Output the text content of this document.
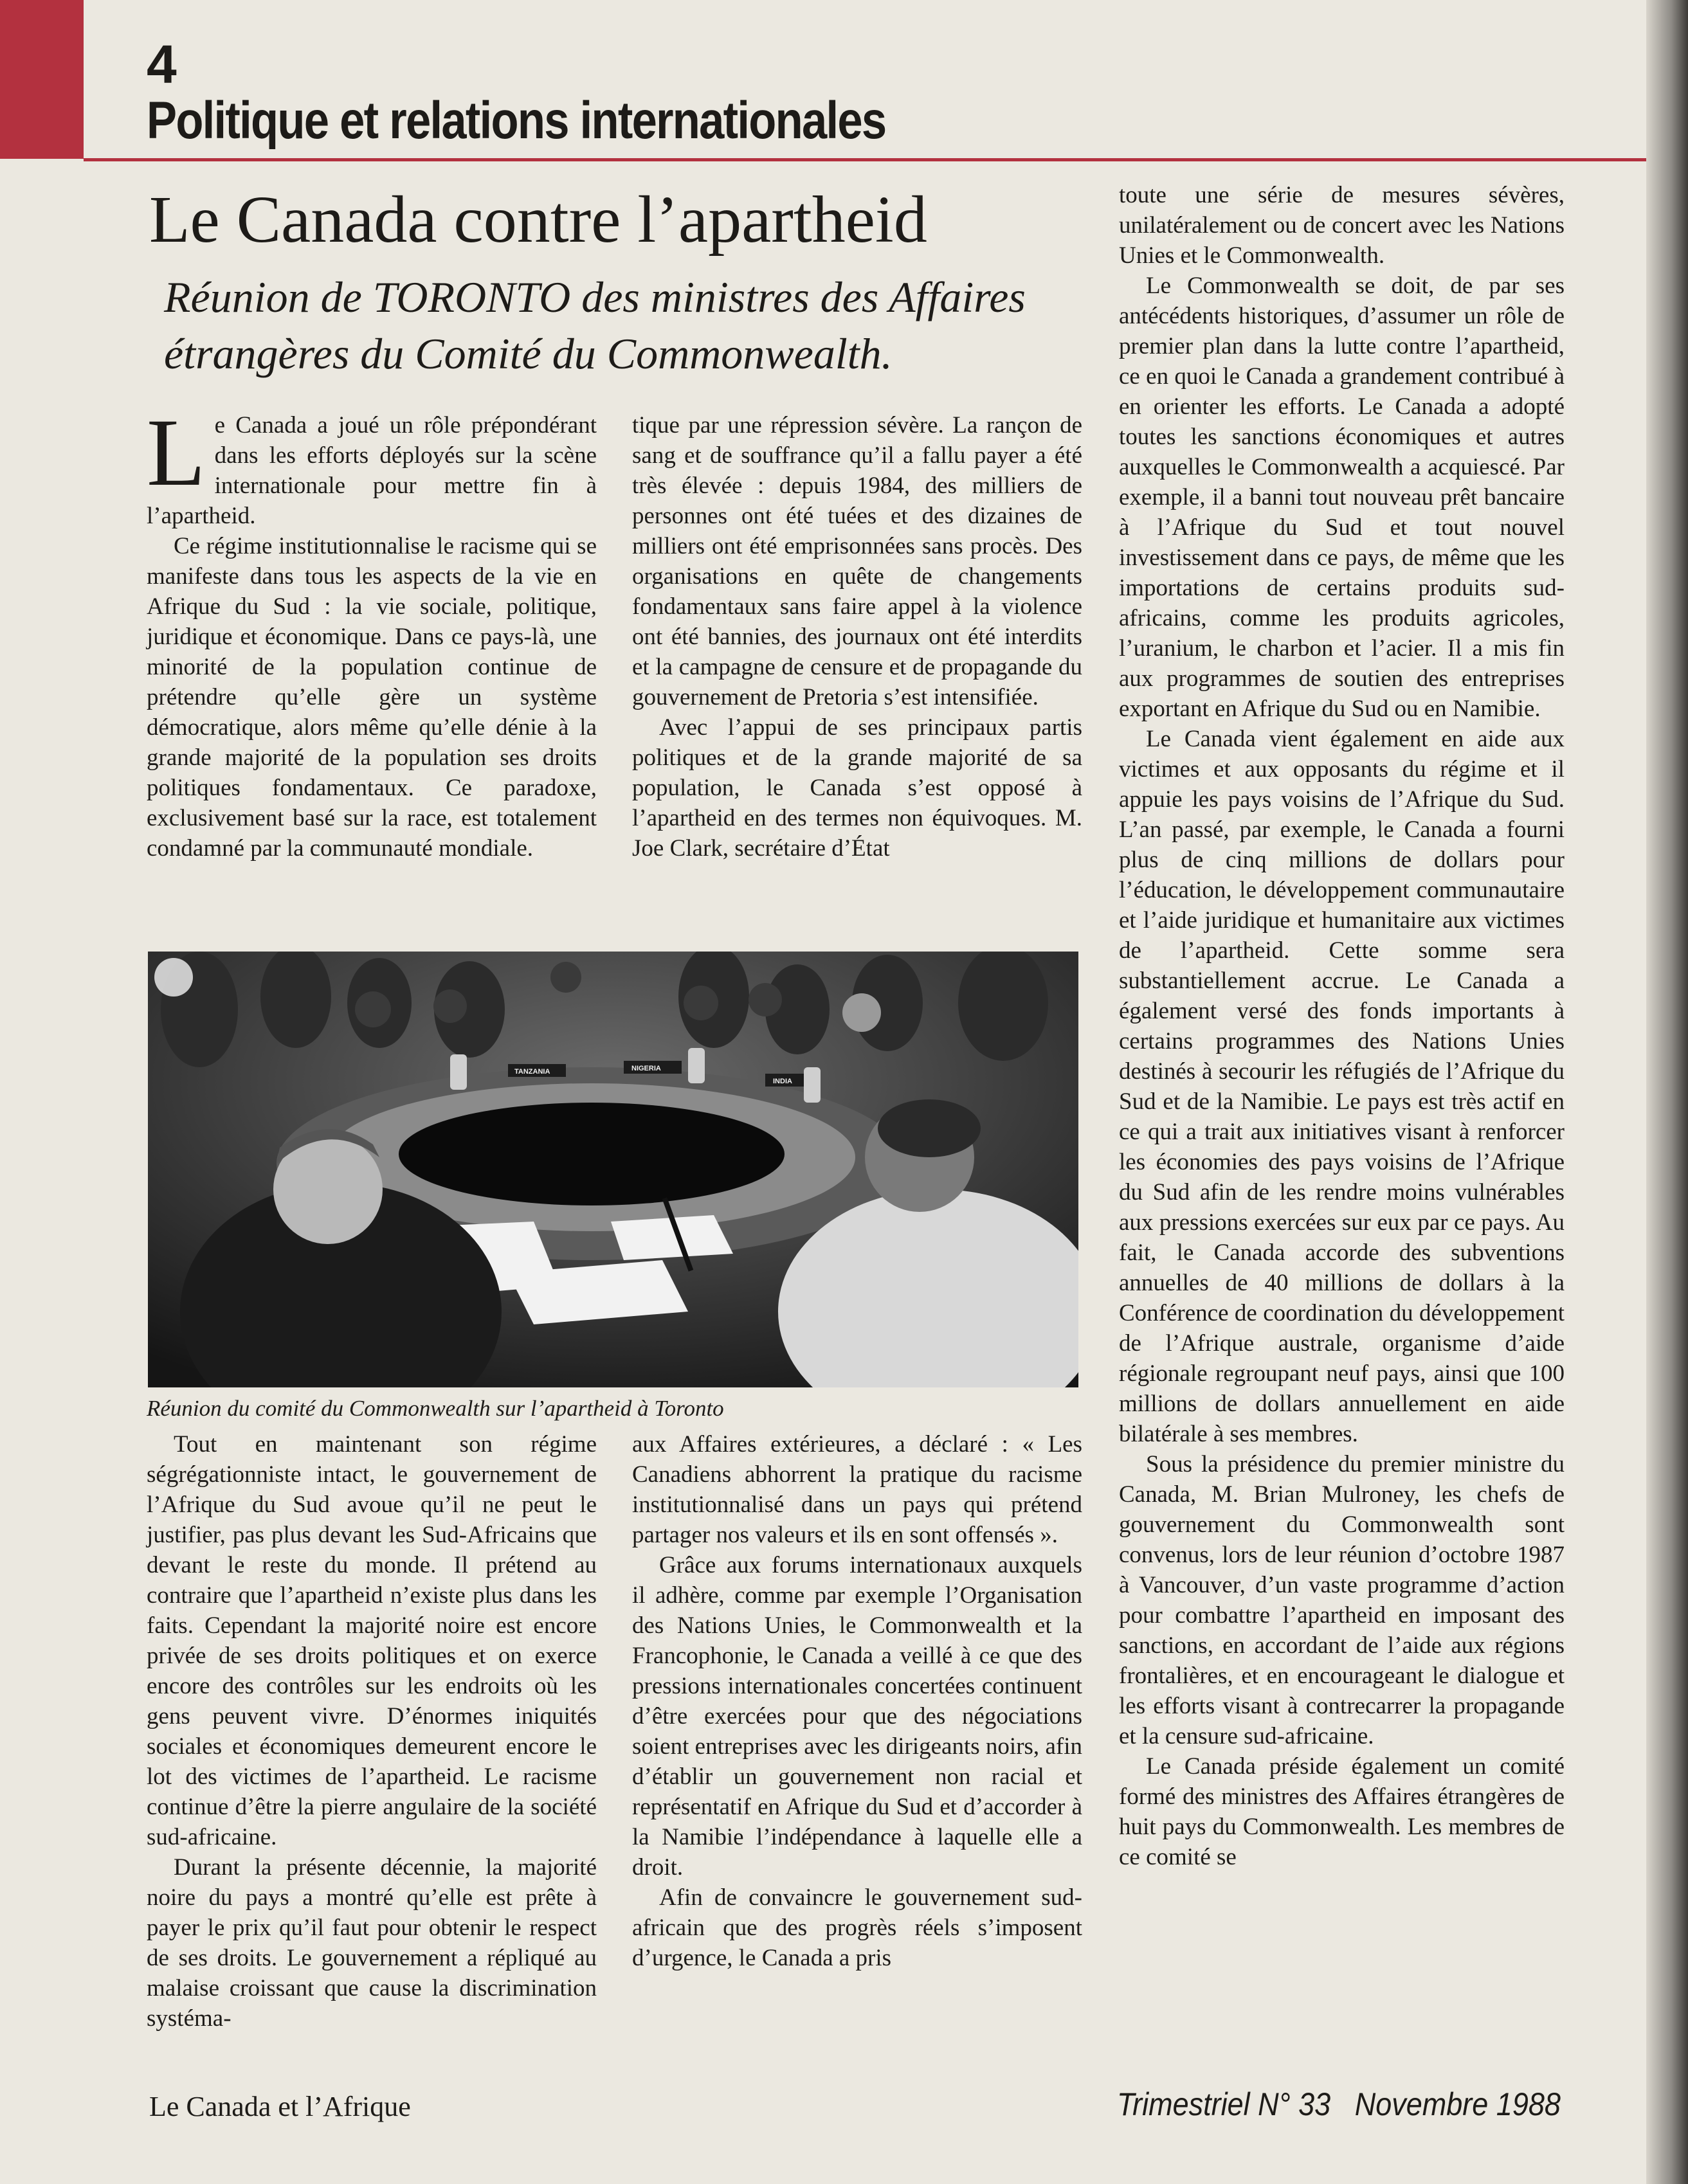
4
Politique et relations internationales
Le Canada contre l’apartheid
Réunion de TORONTO des ministres des Affaires
étrangères du Comité du Commonwealth.

Le Canada a joué un rôle prépondérant dans les efforts déployés sur la scène internationale pour mettre fin à l’apartheid.

Ce régime institutionnalise le racisme qui se manifeste dans tous les aspects de la vie en Afrique du Sud : la vie sociale, politique, juridique et économique. Dans ce pays-là, une minorité de la population continue de prétendre qu’elle gère un système démocratique, alors même qu’elle dénie à la grande majorité de la population ses droits politiques fondamentaux. Ce paradoxe, exclusivement basé sur la race, est totalement condamné par la communauté mondiale.

tique par une répression sévère. La rançon de sang et de souffrance qu’il a fallu payer a été très élevée : depuis 1984, des milliers de personnes ont été tuées et des dizaines de milliers ont été emprisonnées sans procès. Des organisations en quête de changements fondamentaux sans faire appel à la violence ont été bannies, des journaux ont été interdits et la campagne de censure et de propagande du gouvernement de Pretoria s’est intensifiée.

Avec l’appui de ses principaux partis politiques et de la grande majorité de sa population, le Canada s’est opposé à l’apartheid en des termes non équivoques. M. Joe Clark, secrétaire d’État

toute une série de mesures sévères, unilatéralement ou de concert avec les Nations Unies et le Commonwealth.

Le Commonwealth se doit, de par ses antécédents historiques, d’assumer un rôle de premier plan dans la lutte contre l’apartheid, ce en quoi le Canada a grandement contribué à en orienter les efforts. Le Canada a adopté toutes les sanctions économiques et autres auxquelles le Commonwealth a acquiescé. Par exemple, il a banni tout nouveau prêt bancaire à l’Afrique du Sud et tout nouvel investissement dans ce pays, de même que les importations de certains produits sud-africains, comme les produits agricoles, l’uranium, le charbon et l’acier. Il a mis fin aux programmes de soutien des entreprises exportant en Afrique du Sud ou en Namibie.

Le Canada vient également en aide aux victimes et aux opposants du régime et il appuie les pays voisins de l’Afrique du Sud. L’an passé, par exemple, le Canada a fourni plus de cinq millions de dollars pour l’éducation, le développement communautaire et l’aide juridique et humanitaire aux victimes de l’apartheid. Cette somme sera substantiellement accrue. Le Canada a également versé des fonds importants à certains programmes des Nations Unies destinés à secourir les réfugiés de l’Afrique du Sud et de la Namibie. Le pays est très actif en ce qui a trait aux initiatives visant à renforcer les économies des pays voisins de l’Afrique du Sud afin de les rendre moins vulnérables aux pressions exercées sur eux par ce pays. Au fait, le Canada accorde des subventions annuelles de 40 millions de dollars à la Conférence de coordination du développement de l’Afrique australe, organisme d’aide régionale regroupant neuf pays, ainsi que 100 millions de dollars annuellement en aide bilatérale à ses membres.

Sous la présidence du premier ministre du Canada, M. Brian Mulroney, les chefs de gouvernement du Commonwealth sont convenus, lors de leur réunion d’octobre 1987 à Vancouver, d’un vaste programme d’action pour combattre l’apartheid en imposant des sanctions, en accordant de l’aide aux régions frontalières, et en encourageant le dialogue et les efforts visant à contrecarrer la propagande et la censure sud-africaine.

Le Canada préside également un comité formé des ministres des Affaires étrangères de huit pays du Commonwealth. Les membres de ce comité se

TANZANIA	NIGERIA
INDIA
Réunion du comité du Commonwealth sur l’apartheid à Toronto

Tout en maintenant son régime ségrégationniste intact, le gouvernement de l’Afrique du Sud avoue qu’il ne peut le justifier, pas plus devant les Sud-Africains que devant le reste du monde. Il prétend au contraire que l’apartheid n’existe plus dans les faits. Cependant la majorité noire est encore privée de ses droits politiques et on exerce encore des contrôles sur les endroits où les gens peuvent vivre. D’énormes iniquités sociales et économiques demeurent encore le lot des victimes de l’apartheid. Le racisme continue d’être la pierre angulaire de la société sud-africaine.

Durant la présente décennie, la majorité noire du pays a montré qu’elle est prête à payer le prix qu’il faut pour obtenir le respect de ses droits. Le gouvernement a répliqué au malaise croissant que cause la discrimination systéma-

aux Affaires extérieures, a déclaré : « Les Canadiens abhorrent la pratique du racisme institutionnalisé dans un pays qui prétend partager nos valeurs et ils en sont offensés ».

Grâce aux forums internationaux auxquels il adhère, comme par exemple l’Organisation des Nations Unies, le Commonwealth et la Francophonie, le Canada a veillé à ce que des pressions internationales concertées continuent d’être exercées pour que des négociations soient entreprises avec les dirigeants noirs, afin d’établir un gouvernement non racial et représentatif en Afrique du Sud et d’accorder à la Namibie l’indépendance à laquelle elle a droit.

Afin de convaincre le gouvernement sud-africain que des progrès réels s’imposent d’urgence, le Canada a pris

Le Canada et l’Afrique	Trimestriel N° 33   Novembre 1988
